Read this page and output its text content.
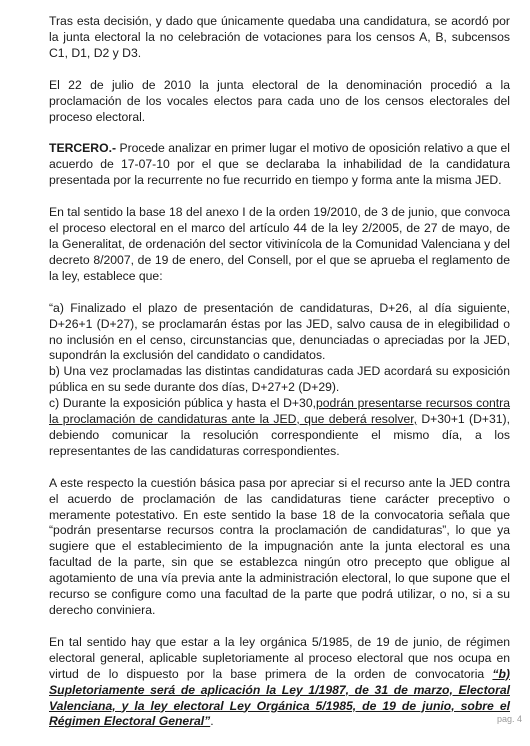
Tras esta decisión, y dado que únicamente quedaba una candidatura, se acordó por la junta electoral la no celebración de votaciones para los censos A, B, subcensos C1, D1, D2 y D3.

El 22 de julio de 2010 la junta electoral de la denominación procedió a la proclamación de los vocales electos para cada uno de los censos electorales del proceso electoral.

TERCERO.- Procede analizar en primer lugar el motivo de oposición relativo a que el acuerdo de 17-07-10 por el que se declaraba la inhabilidad de la candidatura presentada por la recurrente no fue recurrido en tiempo y forma ante la misma JED.

En tal sentido la base 18 del anexo I de la orden 19/2010, de 3 de junio, que convoca el proceso electoral en el marco del artículo 44 de la ley 2/2005, de 27 de mayo, de la Generalitat, de ordenación del sector vitivinícola de la Comunidad Valenciana y del decreto 8/2007, de 19 de enero, del Consell, por el que se aprueba el reglamento de la ley, establece que:

“a) Finalizado el plazo de presentación de candidaturas, D+26, al día siguiente, D+26+1 (D+27), se proclamarán éstas por las JED, salvo causa de in elegibilidad o no inclusión en el censo, circunstancias que, denunciadas o apreciadas por la JED, supondrán la exclusión del candidato o candidatos.

b) Una vez proclamadas las distintas candidaturas cada JED acordará su exposición pública en su sede durante dos días, D+27+2 (D+29).

c) Durante la exposición pública y hasta el D+30,podrán presentarse recursos contra la proclamación de candidaturas ante la JED, que deberá resolver, D+30+1 (D+31), debiendo comunicar la resolución correspondiente el mismo día, a los representantes de las candidaturas correspondientes.

A este respecto la cuestión básica pasa por apreciar si el recurso ante la JED contra el acuerdo de proclamación de las candidaturas tiene carácter preceptivo o meramente potestativo. En este sentido la base 18 de la convocatoria señala que “podrán presentarse recursos contra la proclamación de candidaturas”, lo que ya sugiere que el establecimiento de la impugnación ante la junta electoral es una facultad de la parte, sin que se establezca ningún otro precepto que obligue al agotamiento de una vía previa ante la administración electoral, lo que supone que el recurso se configure como una facultad de la parte que podrá utilizar, o no, si a su derecho conviniera.

En tal sentido hay que estar a la ley orgánica 5/1985, de 19 de junio, de régimen electoral general, aplicable supletoriamente al proceso electoral que nos ocupa en virtud de lo dispuesto por la base primera de la orden de convocatoria “b) Supletoriamente será de aplicación la Ley 1/1987, de 31 de marzo, Electoral Valenciana, y la ley electoral Ley Orgánica 5/1985, de 19 de junio, sobre el Régimen Electoral General”.	pag. 4
